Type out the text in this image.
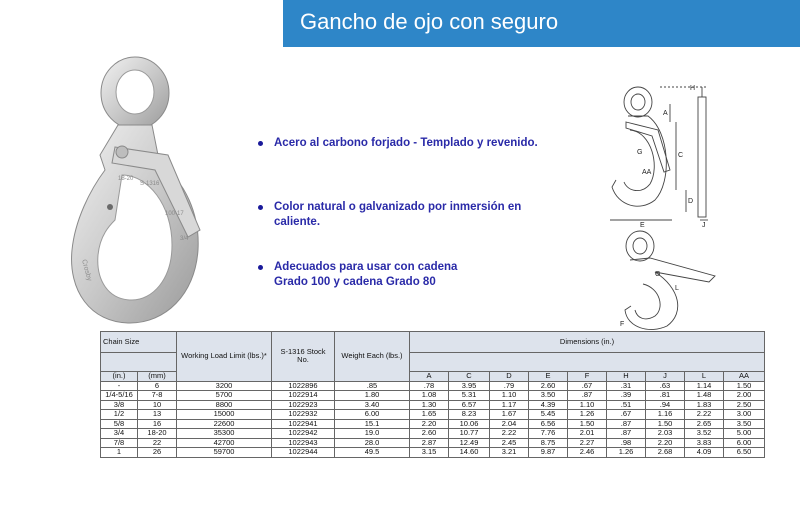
Gancho de ojo con seguro
S-1316
100-17
3/4
18-20
Crosby
Acero al carbono forjado - Templado y revenido.
Color natural o galvanizado por inmersión en caliente.
Adecuados para usar con cadena Grado 100 y cadena Grado 80
H
A
C
G
AA
D
E	J
G
L
F
Chain Size		Working Load Limit (lbs.)*	S-1316 Stock No.	Weight Each (lbs.)	Dimensions (in.)								

(in.)	(mm)				A	C	D	E	F	H	J	L	AA
-	6	3200	1022896	.85	.78	3.95	.79	2.60	.67	.31	.63	1.14	1.50
1/4-5/16	7-8	5700	1022914	1.80	1.08	5.31	1.10	3.50	.87	.39	.81	1.48	2.00
3/8	10	8800	1022923	3.40	1.30	6.57	1.17	4.39	1.10	.51	.94	1.83	2.50
1/2	13	15000	1022932	6.00	1.65	8.23	1.67	5.45	1.26	.67	1.16	2.22	3.00
5/8	16	22600	1022941	15.1	2.20	10.06	2.04	6.56	1.50	.87	1.50	2.65	3.50
3/4	18-20	35300	1022942	19.0	2.60	10.77	2.22	7.76	2.01	.87	2.03	3.52	5.00
7/8	22	42700	1022943	28.0	2.87	12.49	2.45	8.75	2.27	.98	2.20	3.83	6.00
1	26	59700	1022944	49.5	3.15	14.60	3.21	9.87	2.46	1.26	2.68	4.09	6.50
